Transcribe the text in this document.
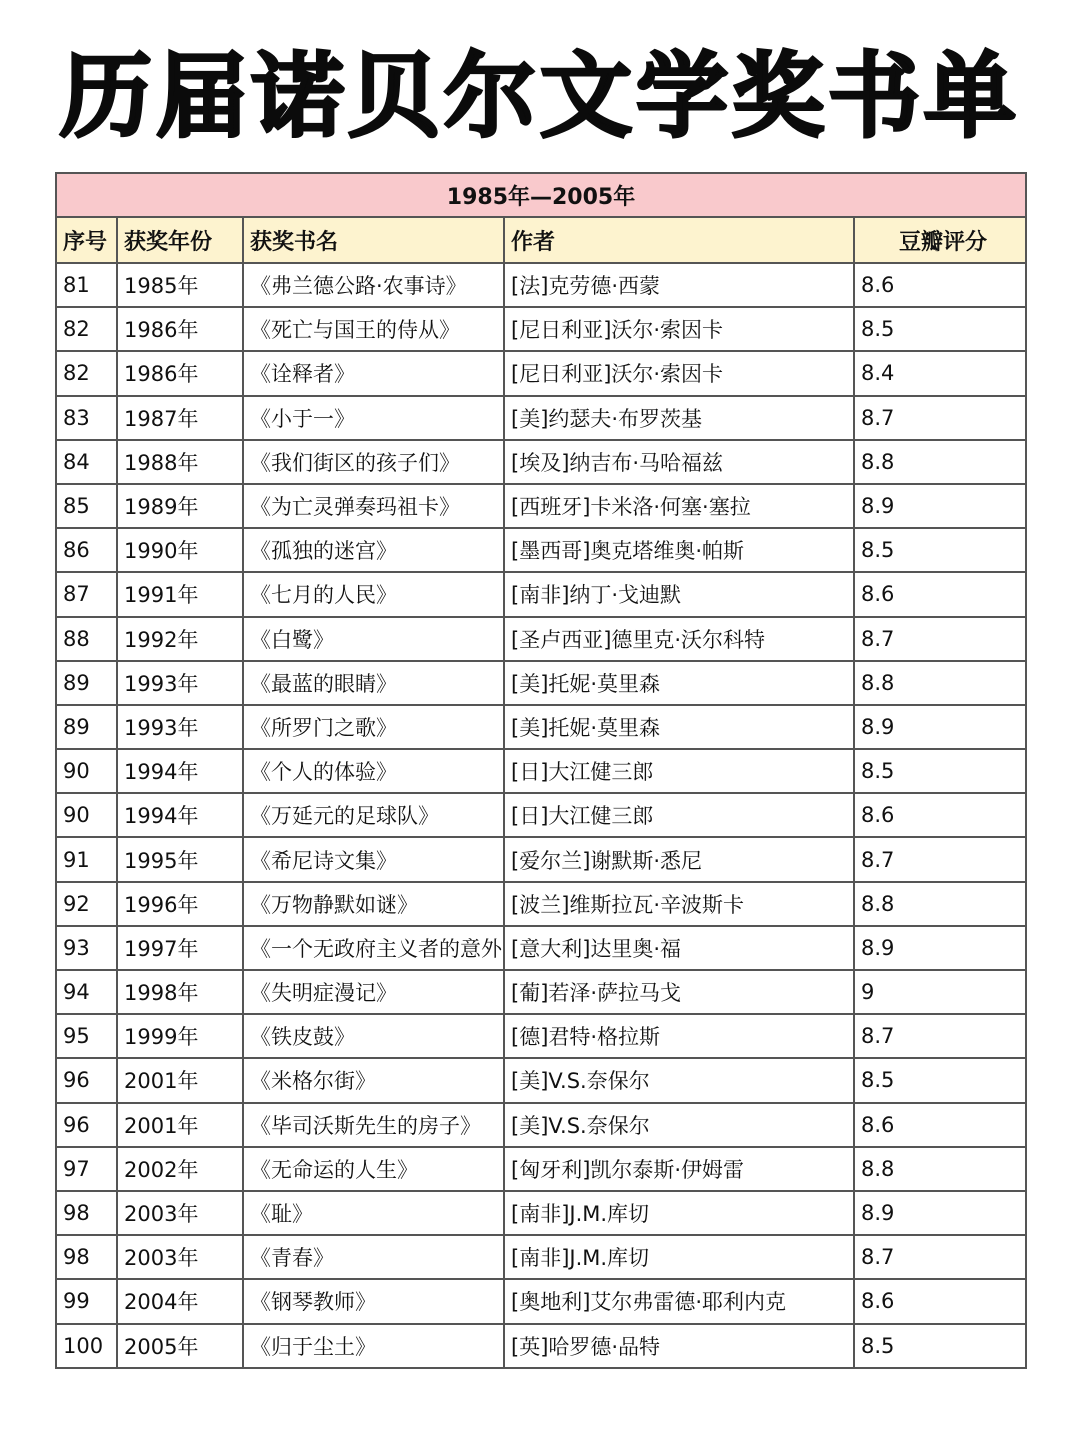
历届诺贝尔文学奖书单
1985年—2005年				
序号	获奖年份	获奖书名	作者	豆瓣评分
81	1985年	《弗兰德公路·农事诗》	[法]克劳德·西蒙	8.6
82	1986年	《死亡与国王的侍从》	[尼日利亚]沃尔·索因卡	8.5
82	1986年	《诠释者》	[尼日利亚]沃尔·索因卡	8.4
83	1987年	《小于一》	[美]约瑟夫·布罗茨基	8.7
84	1988年	《我们街区的孩子们》	[埃及]纳吉布·马哈福兹	8.8
85	1989年	《为亡灵弹奏玛祖卡》	[西班牙]卡米洛·何塞·塞拉	8.9
86	1990年	《孤独的迷宫》	[墨西哥]奥克塔维奥·帕斯	8.5
87	1991年	《七月的人民》	[南非]纳丁·戈迪默	8.6
88	1992年	《白鹭》	[圣卢西亚]德里克·沃尔科特	8.7
89	1993年	《最蓝的眼睛》	[美]托妮·莫里森	8.8
89	1993年	《所罗门之歌》	[美]托妮·莫里森	8.9
90	1994年	《个人的体验》	[日]大江健三郎	8.5
90	1994年	《万延元的足球队》	[日]大江健三郎	8.6
91	1995年	《希尼诗文集》	[爱尔兰]谢默斯·悉尼	8.7
92	1996年	《万物静默如谜》	[波兰]维斯拉瓦·辛波斯卡	8.8
93	1997年	《一个无政府主义者的意外	[意大利]达里奥·福	8.9
94	1998年	《失明症漫记》	[葡]若泽·萨拉马戈	9
95	1999年	《铁皮鼓》	[德]君特·格拉斯	8.7
96	2001年	《米格尔街》	[美]V.S.奈保尔	8.5
96	2001年	《毕司沃斯先生的房子》	[美]V.S.奈保尔	8.6
97	2002年	《无命运的人生》	[匈牙利]凯尔泰斯·伊姆雷	8.8
98	2003年	《耻》	[南非]J.M.库切	8.9
98	2003年	《青春》	[南非]J.M.库切	8.7
99	2004年	《钢琴教师》	[奥地利]艾尔弗雷德·耶利内克	8.6
100	2005年	《归于尘土》	[英]哈罗德·品特	8.5
